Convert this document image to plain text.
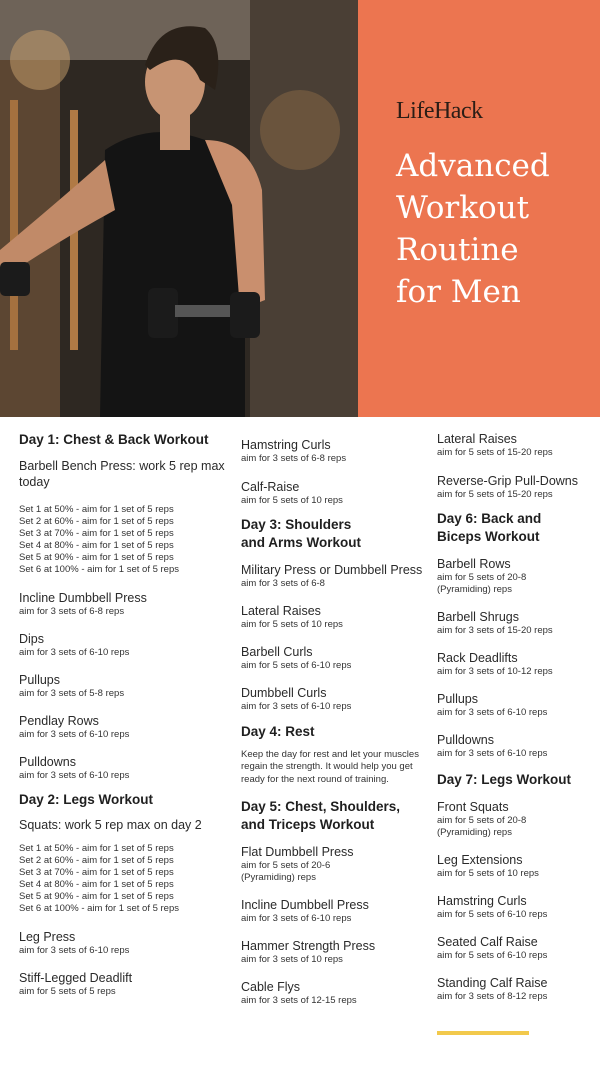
LifeHack
Advanced
Workout
Routine
for Men
Day 1: Chest & Back Workout
Barbell Bench Press: work 5 rep max today
Set 1 at 50% - aim for 1 set of 5 reps
Set 2 at 60% - aim for 1 set of 5 reps
Set 3 at 70% - aim for 1 set of 5 reps
Set 4 at 80% - aim for 1 set of 5 reps
Set 5 at 90% - aim for 1 set of 5 reps
Set 6 at 100% - aim for 1 set of 5 reps
Incline Dumbbell Press
aim for 3 sets of 6-8 reps
Dips
aim for 3 sets of 6-10 reps
Pullups
aim for 3 sets of 5-8 reps
Pendlay Rows
aim for 3 sets of 6-10 reps
Pulldowns
aim for 3 sets of 6-10 reps
Day 2: Legs Workout
Squats: work 5 rep max on day 2
Set 1 at 50% - aim for 1 set of 5 reps
Set 2 at 60% - aim for 1 set of 5 reps
Set 3 at 70% - aim for 1 set of 5 reps
Set 4 at 80% - aim for 1 set of 5 reps
Set 5 at 90% - aim for 1 set of 5 reps
Set 6 at 100% - aim for 1 set of 5 reps
Leg Press
aim for 3 sets of 6-10 reps
Stiff-Legged Deadlift
aim for 5 sets of 5 reps
Hamstring Curls
aim for 3 sets of 6-8 reps
Calf-Raise
aim for 5 sets of 10 reps
Day 3: Shoulders
and Arms Workout
Military Press or Dumbbell Press
aim for 3 sets of 6-8
Lateral Raises
aim for 5 sets of 10 reps
Barbell Curls
aim for 5 sets of 6-10 reps
Dumbbell Curls
aim for 3 sets of 6-10 reps
Day 4: Rest
Keep the day for rest and let your muscles
regain the strength. It would help you get
ready for the next round of training.
Day 5: Chest, Shoulders,
and Triceps Workout
Flat Dumbbell Press
aim for 5 sets of 20-6
(Pyramiding) reps
Incline Dumbbell Press
aim for 3 sets of 6-10 reps
Hammer Strength Press
aim for 3 sets of 10 reps
Cable Flys
aim for 3 sets of 12-15 reps
Lateral Raises
aim for 5 sets of 15-20 reps
Reverse-Grip Pull-Downs
aim for 5 sets of 15-20 reps
Day 6: Back and
Biceps Workout
Barbell Rows
aim for 5 sets of 20-8
(Pyramiding) reps
Barbell Shrugs
aim for 3 sets of 15-20 reps
Rack Deadlifts
aim for 3 sets of 10-12 reps
Pullups
aim for 3 sets of 6-10 reps
Pulldowns
aim for 3 sets of 6-10 reps
Day 7: Legs Workout
Front Squats
aim for 5 sets of 20-8
(Pyramiding) reps
Leg Extensions
aim for 5 sets of 10 reps
Hamstring Curls
aim for 5 sets of 6-10 reps
Seated Calf Raise
aim for 5 sets of 6-10 reps
Standing Calf Raise
aim for 3 sets of 8-12 reps
